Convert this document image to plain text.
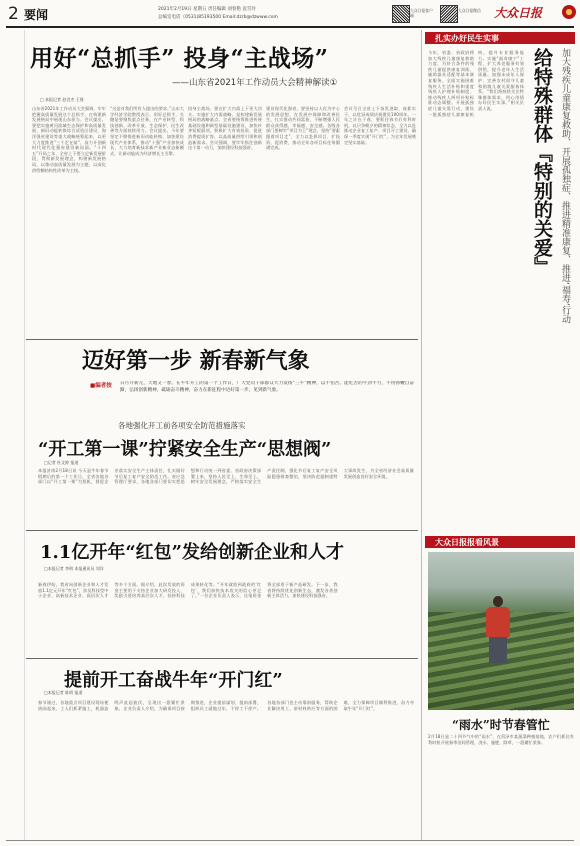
2 要闻	2021年2月19日 星期五 责任编辑 刘春艳 袁雪玲
总编室电话（0531)85193500 Email:dzrb@dzwww.com
大众日报客户端
大众日报微信 大众日报
用好“总抓手” 投身“主战场”
——山东省2021年工作动员大会精神解读①
□ 本报记者 赵君杰 王建
山东省2021年工作动员大会强调，牢牢把握高质量发展这个总抓手，在构建新发展格局中展现山东担当。会议提出，要把实施黄河流域生态保护和高质量发展、新旧动能转换综合试验区建设、海洋强省建设等重大战略统筹起来，以更大力度推进“三个走在前”，奋力开创新时代现代化强省建设新局面。“十四五”开局之年，全省上下要立足新发展阶段、贯彻新发展理念，构建新发展格局，以推动高质量发展为主题，以深化供给侧结构性改革为主线。
“这是对我们所有人提出的要求。”山东大学经济学院教授表示，用好总抓手，关键是要聚焦重点任务，在产业转型、科技创新、改革开放、生态保护、民生改善等方面持续用力。会议提出，今年要坚定不移推进新旧动能转换，加快建设现代产业体系，推动“十强”产业加快成长，大力培育新技术新产业新业态新模式，让新动能成为经济增长主引擎。
投身主战场，要在扩大内需上下更大功夫。实施扩大内需战略，是构建新发展格局的战略基点。全省要统筹推进传统基础设施和新型基础设施建设，加快补齐短板弱项，积极扩大有效投资，促进消费提质扩容，以高质量供给引领和创造新需求。会议强调，要牢牢抓住创新这个第一动力，加快建设科技强省。
建设现代化强省，要坚持以人民为中心的发展思想，在发展中保障和改善民生，扎实推动共同富裕，不断增强人民群众获得感、幸福感、安全感。各级各部门要树牢“项目为王”理念，坚持“要素跟着项目走”，全力以赴抓项目、扩投资、促消费，推动全年各项目标任务圆满完成。
会议号召全省上下奋发进取、真抓实干，以优异成绩庆祝建党100周年。一年之计在于春，要抓住春节后有利时机，以只争朝夕的精神状态，全力以赴推动企业复工复产、项目开工建设，确保一季度实现“开门红”，为全年发展奠定坚实基础。
迈好第一步 新春新气象
■编者按 日月开新元，天地又一春。在牛年开工的第一个工作日，广大党员干部群众大力发扬“三牛”精神，以不怕苦、能吃苦的牛劲牛力，不用扬鞭自奋蹄，弘扬创新精神，砥砺奋斗精神，奋力在新征程中迈好第一步、见到新气象。
各地强化开工前各项安全防范措施落实
“开工第一课”拧紧安全生产“思想阀”
□记者 杜文婷 报道
本报济南2月18日讯 今天是牛年春节假期后的第一个工作日，全省各地各部门以“开工第一课”为契机，督促企业落实安全生产主体责任，扎实做好节后复工复产安全防范工作。省应急管理厅要求，各地各部门要切实把思想和行动统一到省委、省政府决策部署上来，坚持人民至上、生命至上，树牢安全发展理念，严格落实安全生产责任制，强化节后复工复产安全风险隐患排查整治，坚决防范遏制重特大事故发生，为全省经济社会高质量发展创造良好安全环境。
1.1亿开年“红包”发给创新企业和人才
□本报记者 李明 本报通讯员 刘洋
新春伊始，我省向创新企业和人才发放1.1亿元开年“红包”，涉及科技型中小企业、高新技术企业、高层次人才等多个方面。据介绍，此次发放的资金主要用于支持企业加大研发投入，奖励引进培养高层次人才，扶持科技成果转化等。“开年就收到政府的‘红包’，我们加快技术攻关的信心更足了。”一位企业负责人表示，这笔资金将全部用于新产品研发。下一步，我省将持续优化创新生态，激发各类创新主体活力，加快建设科技强省。
提前开工奋战牛年“开门红”
□本报记者 陈明 报道
春节刚过，各地重点项目建设现场便热闹起来。工人们抓紧施工，机器轰鸣声此起彼伏，呈现出一派繁忙景象。企业负责人介绍，为确保项目按期推进，企业提前谋划、提前部署，组织员工就地过年，不停工不停产。各地各部门也主动靠前服务，帮助企业解决用工、原材料供应等方面的困难，全力保障项目顺利推进，奋力夺取牛年“开门红”。
扎实办好民生实事
给特殊群体『特别的关爱』 加大残疾儿童康复救助、开展孤独症、推进精准康复、推进‘福寿’行动
今年，省委、省政府将加大残疾儿童康复救助力度，为符合条件的残疾儿童提供康复训练、辅助器具适配等基本康复服务。全面实施困难残疾人生活补贴和重度残疾人护理补贴制度，推动残疾人两项补贴标准动态调整。开展孤独症儿童关爱行动，建设一批孤独症儿童康复机构，提升专业服务能力。实施“福寿康宁”工程，扩大养老服务有效供给，提升老年人生活质量。加强未成年人保护，完善农村留守儿童和困境儿童关爱服务体系。“我们将持续关注特殊群体需求，用心用情办好民生实事。”相关负责人说。
大众日报报看风景
“雨水”时节春管忙
□本报记者 赵晓 摄
2月18日是二十四节气中的“雨水”，在菏泽市某蔬菜种植基地，农户们抓住有利时机开展春季田间管理，浇水、施肥、除草，一派繁忙景象。
